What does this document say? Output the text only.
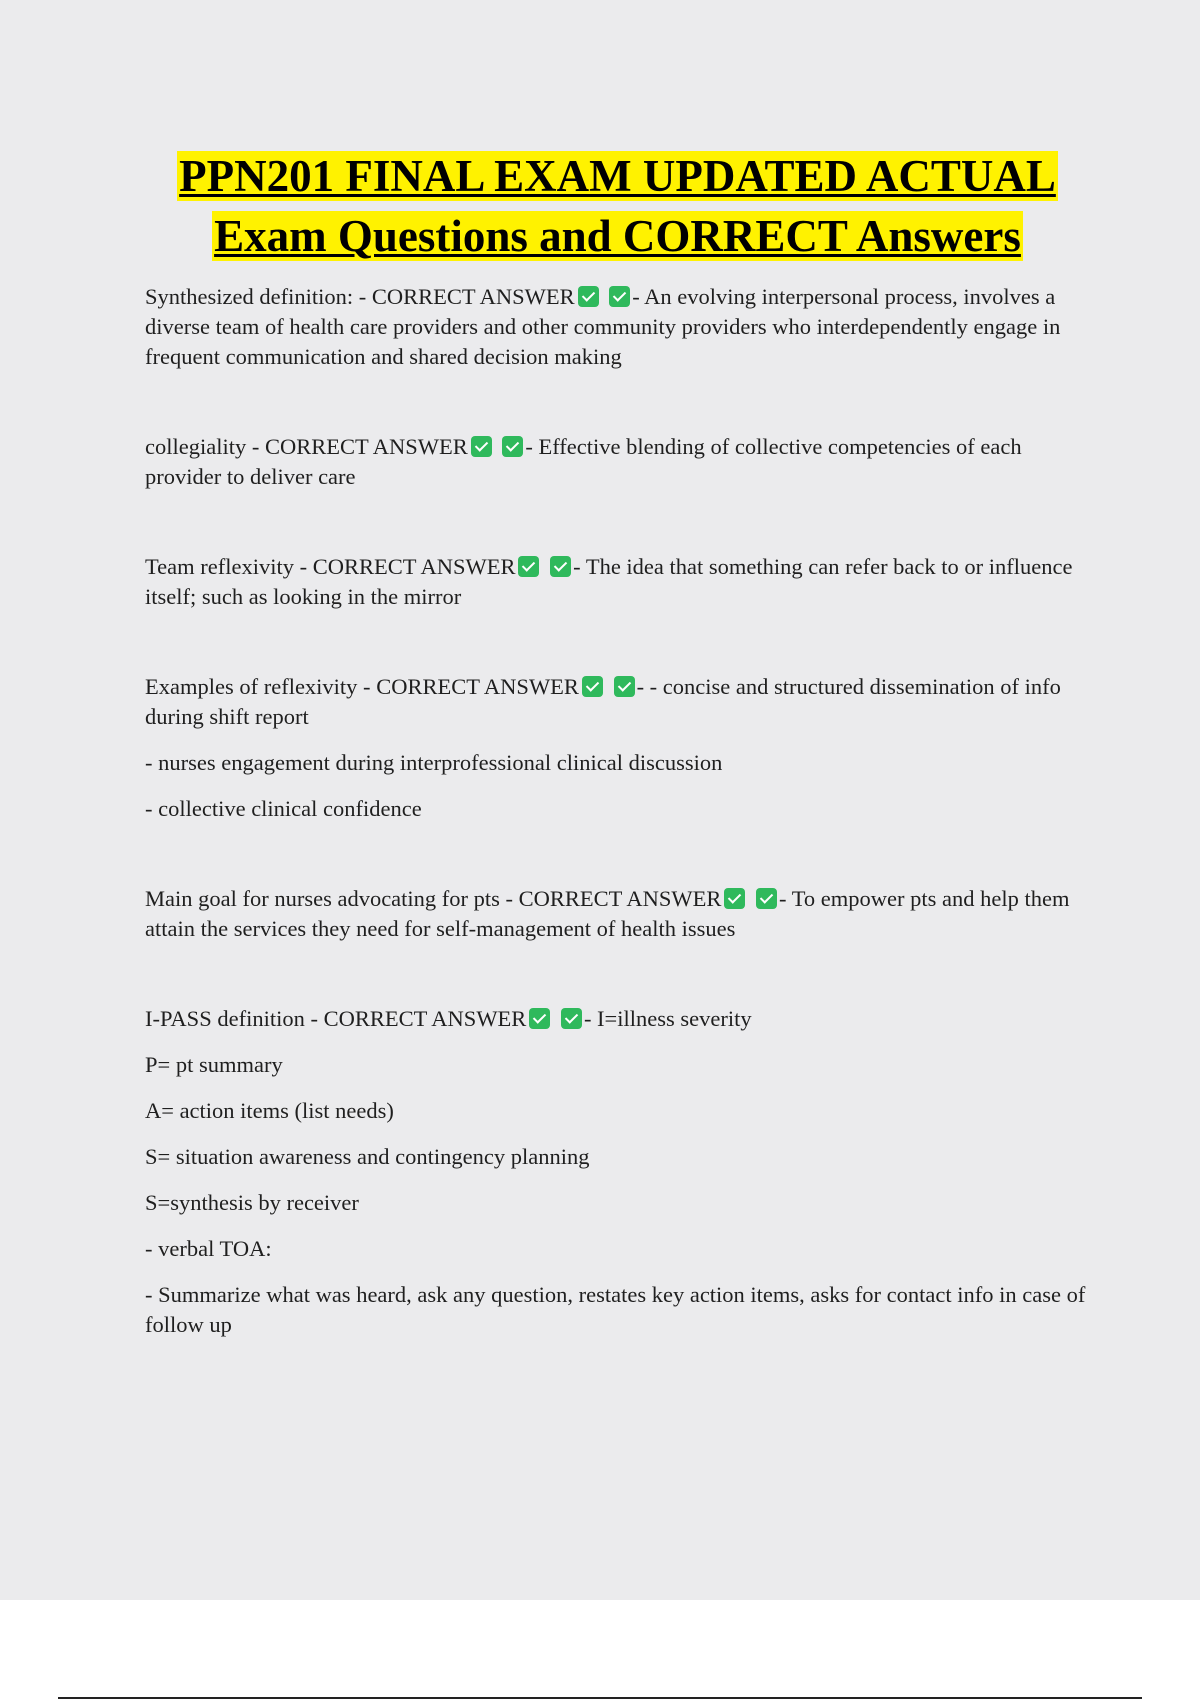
PPN201 FINAL EXAM UPDATED ACTUAL
Exam Questions and CORRECT Answers

Synthesized definition: - CORRECT ANSWER	- An evolving interpersonal process, involves a diverse team of health care providers and other community providers who interdependently engage in frequent communication and shared decision making

collegiality - CORRECT ANSWER	- Effective blending of collective competencies of each provider to deliver care

Team reflexivity - CORRECT ANSWER	- The idea that something can refer back to or influence itself; such as looking in the mirror

Examples of reflexivity - CORRECT ANSWER	- - concise and structured dissemination of info during shift report

- nurses engagement during interprofessional clinical discussion

- collective clinical confidence

Main goal for nurses advocating for pts - CORRECT ANSWER	- To empower pts and help them attain the services they need for self-management of health issues

I-PASS definition - CORRECT ANSWER	- I=illness severity

P= pt summary

A= action items (list needs)

S= situation awareness and contingency planning

S=synthesis by receiver

- verbal TOA:

- Summarize what was heard, ask any question, restates key action items, asks for contact info in case of follow up
